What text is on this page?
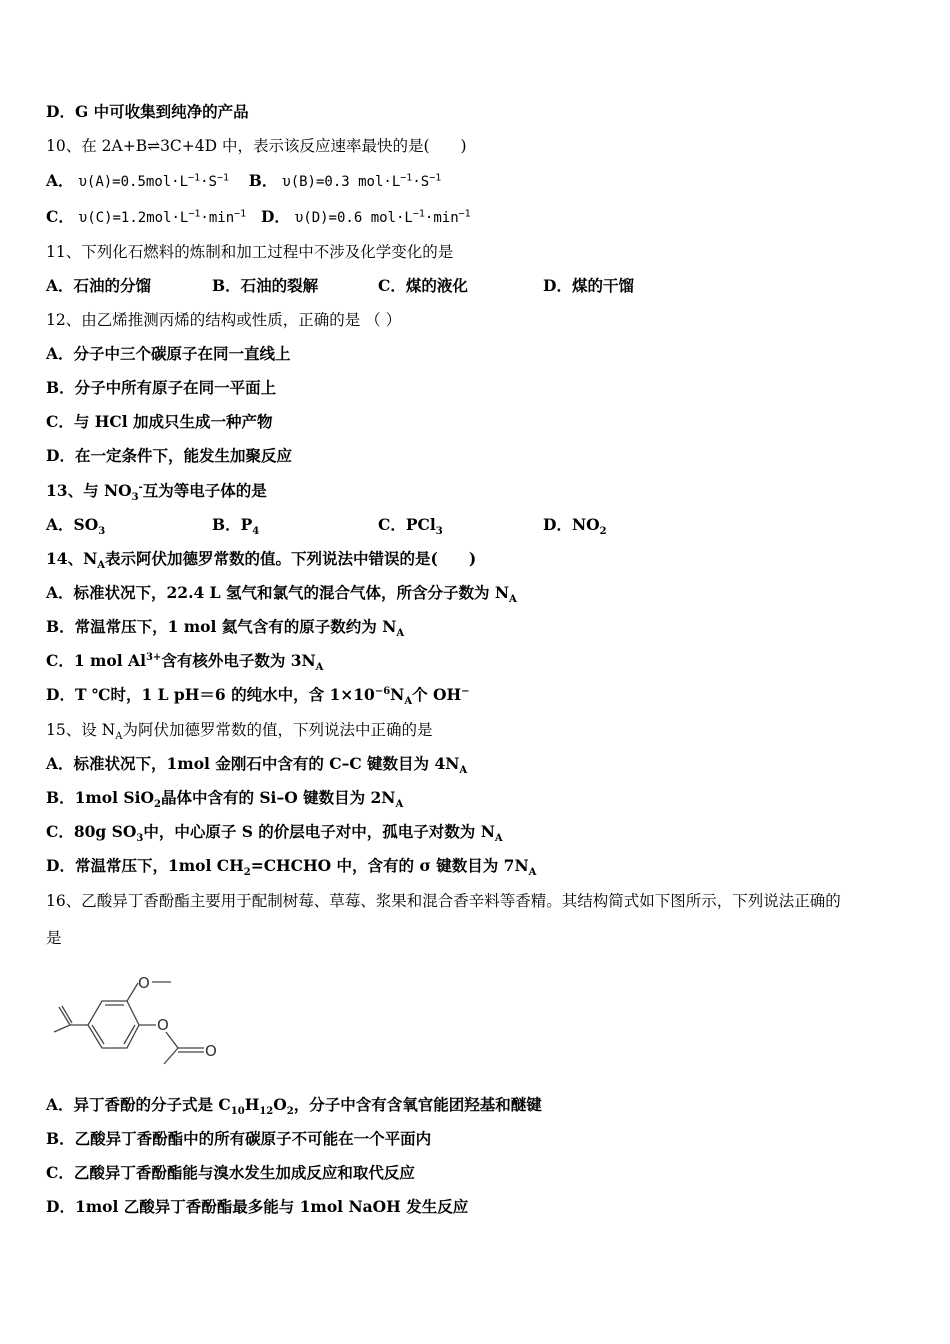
D．G 中可收集到纯净的产品
10、在 2A+B⇌3C+4D 中，表示该反应速率最快的是(　　)
A． $\upsilon(A)=0.5mol\cdot L^{-1}\cdot S^{-1}$ B． υ(B)=0.3 $mol\cdot L^{-1}\cdot S^{-1}$
C． $\upsilon(C)=1.2mol\cdot L^{-1}\cdot\min^{-1}$ D． υ(D)=0.6 $mol\cdot L^{-1}\cdot\min^{-1}$
11、下列化石燃料的炼制和加工过程中不涉及化学变化的是
A．石油的分馏	B．石油的裂解	C．煤的液化	D．煤的干馏
12、由乙烯推测丙烯的结构或性质，正确的是 （ ）
A．分子中三个碳原子在同一直线上
B．分子中所有原子在同一平面上
C．与 HCl 加成只生成一种产物
D．在一定条件下，能发生加聚反应
13、与 $NO_3^-$互为等电子体的是
A．$SO_3$	B．$P_4$	C．PCl$_3$	D．$NO_2$
14、$N_A$表示阿伏加德罗常数的值。下列说法中错误的是(　　)
A．标准状况下，22.4 L 氢气和氯气的混合气体，所含分子数为 $N_A$
B．常温常压下，1 mol 氦气含有的原子数约为 $N_A$
C．1 mol $Al^{3+}$含有核外电子数为 $3N_A$
D．T ℃时，1 L pH＝6 的纯水中，含 $1\times 10^{-6}N_A$个 OH−
15、设 $N_A$为阿伏加德罗常数的值，下列说法中正确的是
A．标准状况下，1mol 金刚石中含有的 C–C 键数目为 $4N_A$
B．1mol SiO$_2$晶体中含有的 Si–O 键数目为 $2N_A$
C．80g $SO_3$中，中心原子 S 的价层电子对中，孤电子对数为 $N_A$
D．常温常压下，1mol $CH_2=CHCHO$ 中，含有的 σ 键数目为 $7N_A$
16、乙酸异丁香酚酯主要用于配制树莓、草莓、浆果和混合香辛料等香精。其结构简式如下图所示，下列说法正确的
是
O
O
O
A．异丁香酚的分子式是 $C_{10}H_{12}O_2$，分子中含有含氧官能团羟基和醚键
B．乙酸异丁香酚酯中的所有碳原子不可能在一个平面内
C．乙酸异丁香酚酯能与溴水发生加成反应和取代反应
D．1mol 乙酸异丁香酚酯最多能与 1mol NaOH 发生反应
